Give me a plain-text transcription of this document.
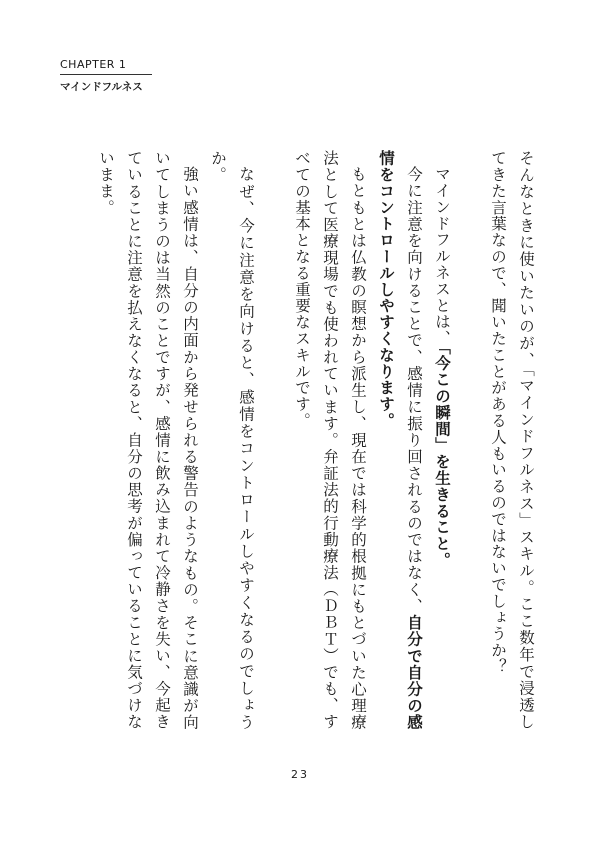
CHAPTER 1
マインドフルネス

そんなときに使いたいのが、「マインドフルネス」スキル。ここ数年で浸透してきた言葉なので、聞いたことがある人もいるのではないでしょうか？

マインドフルネスとは、「今この瞬間」を生きること。

今に注意を向けることで、感情に振り回されるのではなく、自分で自分の感情をコントロールしやすくなります。

もともとは仏教の瞑想から派生し、現在では科学的根拠にもとづいた心理療法として医療現場でも使われています。弁証法的行動療法（ＤＢＴ）でも、すべての基本となる重要なスキルです。

なぜ、今に注意を向けると、感情をコントロールしやすくなるのでしょうか。

強い感情は、自分の内面から発せられる警告のようなもの。そこに意識が向いてしまうのは当然のことですが、感情に飲み込まれて冷静さを失い、今起きていることに注意を払えなくなると、自分の思考が偏っていることに気づけないまま。

23
